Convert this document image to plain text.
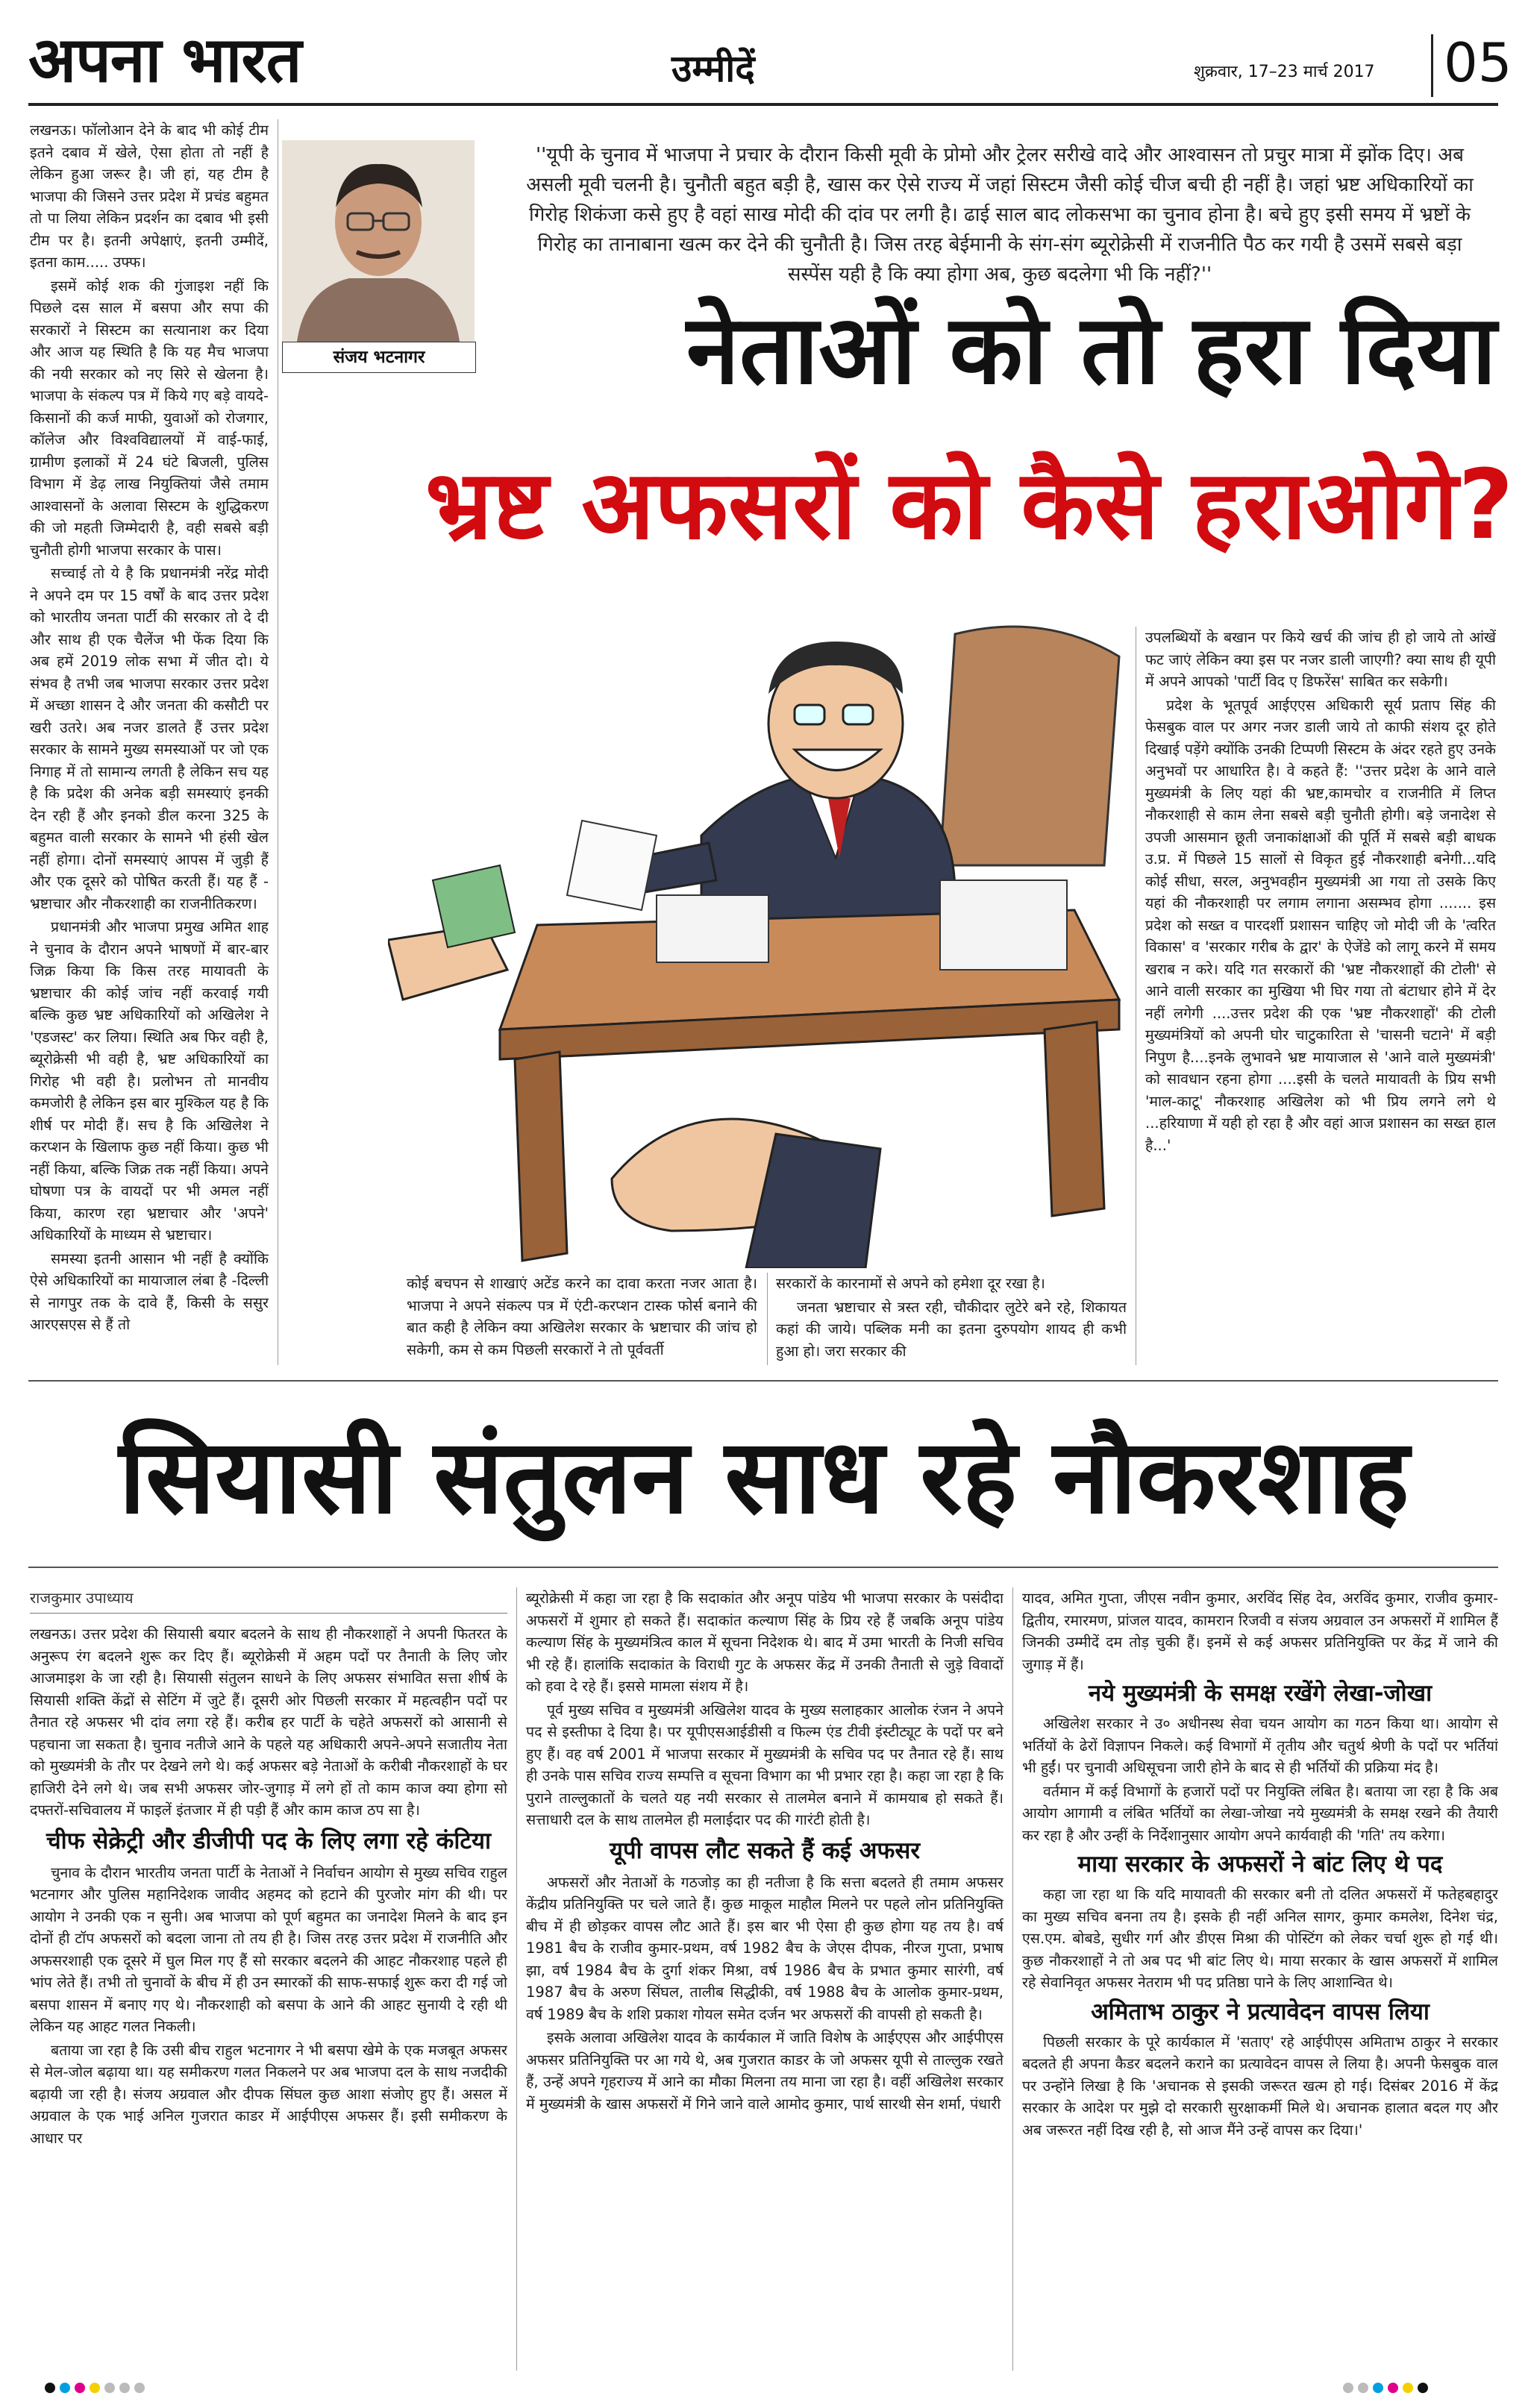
अपना भारत	उम्मीदें	शुक्रवार, 17–23 मार्च 2017 05
संजय भटनागर
''यूपी के चुनाव में भाजपा ने प्रचार के दौरान किसी मूवी के प्रोमो और ट्रेलर सरीखे वादे और आश्वासन तो प्रचुर मात्रा में झोंक दिए। अब असली मूवी चलनी है। चुनौती बहुत बड़ी है, खास कर ऐसे राज्य में जहां सिस्टम जैसी कोई चीज बची ही नहीं है। जहां भ्रष्ट अधिकारियों का गिरोह शिकंजा कसे हुए है वहां साख मोदी की दांव पर लगी है। ढाई साल बाद लोकसभा का चुनाव होना है। बचे हुए इसी समय में भ्रष्टों के गिरोह का तानाबाना खत्म कर देने की चुनौती है। जिस तरह बेईमानी के संग-संग ब्यूरोक्रेसी में राजनीति पैठ कर गयी है उसमें सबसे बड़ा सस्पेंस यही है कि क्या होगा अब, कुछ बदलेगा भी कि नहीं?''
नेताओं को तो हरा दिया
भ्रष्ट अफसरों को कैसे हराओगे?

लखनऊ। फॉलोआन देने के बाद भी कोई टीम इतने दबाव में खेले, ऐसा होता तो नहीं है लेकिन हुआ जरूर है। जी हां, यह टीम है भाजपा की जिसने उत्तर प्रदेश में प्रचंड बहुमत तो पा लिया लेकिन प्रदर्शन का दबाव भी इसी टीम पर है। इतनी अपेक्षाएं, इतनी उम्मीदें, इतना काम..... उफ्फ।

इसमें कोई शक की गुंजाइश नहीं कि पिछले दस साल में बसपा और सपा की सरकारों ने सिस्टम का सत्यानाश कर दिया और आज यह स्थिति है कि यह मैच भाजपा की नयी सरकार को नए सिरे से खेलना है। भाजपा के संकल्प पत्र में किये गए बड़े वायदे-किसानों की कर्ज माफी, युवाओं को रोजगार, कॉलेज और विश्वविद्यालयों में वाई-फाई, ग्रामीण इलाकों में 24 घंटे बिजली, पुलिस विभाग में डेढ़ लाख नियुक्तियां जैसे तमाम आश्वासनों के अलावा सिस्टम के शुद्धिकरण की जो महती जिम्मेदारी है, वही सबसे बड़ी चुनौती होगी भाजपा सरकार के पास।

सच्चाई तो ये है कि प्रधानमंत्री नरेंद्र मोदी ने अपने दम पर 15 वर्षों के बाद उत्तर प्रदेश को भारतीय जनता पार्टी की सरकार तो दे दी और साथ ही एक चैलेंज भी फेंक दिया कि अब हमें 2019 लोक सभा में जीत दो। ये संभव है तभी जब भाजपा सरकार उत्तर प्रदेश में अच्छा शासन दे और जनता की कसौटी पर खरी उतरे। अब नजर डालते हैं उत्तर प्रदेश सरकार के सामने मुख्य समस्याओं पर जो एक निगाह में तो सामान्य लगती है लेकिन सच यह है कि प्रदेश की अनेक बड़ी समस्याएं इनकी देन रही हैं और इनको डील करना 325 के बहुमत वाली सरकार के सामने भी हंसी खेल नहीं होगा। दोनों समस्याएं आपस में जुड़ी हैं और एक दूसरे को पोषित करती हैं। यह हैं - भ्रष्टाचार और नौकरशाही का राजनीतिकरण।

प्रधानमंत्री और भाजपा प्रमुख अमित शाह ने चुनाव के दौरान अपने भाषणों में बार-बार जिक्र किया कि किस तरह मायावती के भ्रष्टाचार की कोई जांच नहीं करवाई गयी बल्कि कुछ भ्रष्ट अधिकारियों को अखिलेश ने 'एडजस्ट' कर लिया। स्थिति अब फिर वही है, ब्यूरोक्रेसी भी वही है, भ्रष्ट अधिकारियों का गिरोह भी वही है। प्रलोभन तो मानवीय कमजोरी है लेकिन इस बार मुश्किल यह है कि शीर्ष पर मोदी हैं। सच है कि अखिलेश ने करप्शन के खिलाफ कुछ नहीं किया। कुछ भी नहीं किया, बल्कि जिक्र तक नहीं किया। अपने घोषणा पत्र के वायदों पर भी अमल नहीं किया, कारण रहा भ्रष्टाचार और 'अपने' अधिकारियों के माध्यम से भ्रष्टाचार।

समस्या इतनी आसान भी नहीं है क्योंकि ऐसे अधिकारियों का मायाजाल लंबा है -दिल्ली से नागपुर तक के दावे हैं, किसी के ससुर आरएसएस से हैं तो

कोई बचपन से शाखाएं अटेंड करने का दावा करता नजर आता है। भाजपा ने अपने संकल्प पत्र में एंटी-करप्शन टास्क फोर्स बनाने की बात कही है लेकिन क्या अखिलेश सरकार के भ्रष्टाचार की जांच हो सकेगी, कम से कम पिछली सरकारों ने तो पूर्ववर्ती

सरकारों के कारनामों से अपने को हमेशा दूर रखा है।

जनता भ्रष्टाचार से त्रस्त रही, चौकीदार लुटेरे बने रहे, शिकायत कहां की जाये। पब्लिक मनी का इतना दुरुपयोग शायद ही कभी हुआ हो। जरा सरकार की

उपलब्धियों के बखान पर किये खर्च की जांच ही हो जाये तो आंखें फट जाएं लेकिन क्या इस पर नजर डाली जाएगी? क्या साथ ही यूपी में अपने आपको 'पार्टी विद ए डिफरेंस' साबित कर सकेगी।

प्रदेश के भूतपूर्व आईएएस अधिकारी सूर्य प्रताप सिंह की फेसबुक वाल पर अगर नजर डाली जाये तो काफी संशय दूर होते दिखाई पड़ेंगे क्योंकि उनकी टिप्पणी सिस्टम के अंदर रहते हुए उनके अनुभवों पर आधारित है। वे कहते हैं: ''उत्तर प्रदेश के आने वाले मुख्यमंत्री के लिए यहां की भ्रष्ट,कामचोर व राजनीति में लिप्त नौकरशाही से काम लेना सबसे बड़ी चुनौती होगी। बड़े जनादेश से उपजी आसमान छूती जनाकांक्षाओं की पूर्ति में सबसे बड़ी बाधक उ.प्र. में पिछले 15 सालों से विकृत हुई नौकरशाही बनेगी...यदि कोई सीधा, सरल, अनुभवहीन मुख्यमंत्री आ गया तो उसके किए यहां की नौकरशाही पर लगाम लगाना असम्भव होगा ....... इस प्रदेश को सख्त व पारदर्शी प्रशासन चाहिए जो मोदी जी के 'त्वरित विकास' व 'सरकार गरीब के द्वार' के ऐजेंडे को लागू करने में समय खराब न करे। यदि गत सरकारों की 'भ्रष्ट नौकरशाहों की टोली' से आने वाली सरकार का मुखिया भी घिर गया तो बंटाधार होने में देर नहीं लगेगी ....उत्तर प्रदेश की एक 'भ्रष्ट नौकरशाहों' की टोली मुख्यमंत्रियों को अपनी घोर चाटुकारिता से 'चासनी चटाने' में बड़ी निपुण है....इनके लुभावने भ्रष्ट मायाजाल से 'आने वाले मुख्यमंत्री' को सावधान रहना होगा ....इसी के चलते मायावती के प्रिय सभी 'माल-काटू' नौकरशाह अखिलेश को भी प्रिय लगने लगे थे ...हरियाणा में यही हो रहा है और वहां आज प्रशासन का सख्त हाल है...'

सियासी संतुलन साध रहे नौकरशाह
राजकुमार उपाध्याय

लखनऊ। उत्तर प्रदेश की सियासी बयार बदलने के साथ ही नौकरशाहों ने अपनी फितरत के अनुरूप रंग बदलने शुरू कर दिए हैं। ब्यूरोक्रेसी में अहम पदों पर तैनाती के लिए जोर आजमाइश के जा रही है। सियासी संतुलन साधने के लिए अफसर संभावित सत्ता शीर्ष के सियासी शक्ति केंद्रों से सेटिंग में जुटे हैं। दूसरी ओर पिछली सरकार में महत्वहीन पदों पर तैनात रहे अफसर भी दांव लगा रहे हैं। करीब हर पार्टी के चहेते अफसरों को आसानी से पहचाना जा सकता है। चुनाव नतीजे आने के पहले यह अधिकारी अपने-अपने सजातीय नेता को मुख्यमंत्री के तौर पर देखने लगे थे। कई अफसर बड़े नेताओं के करीबी नौकरशाहों के घर हाजिरी देने लगे थे। जब सभी अफसर जोर-जुगाड़ में लगे हों तो काम काज क्या होगा सो दफ्तरों-सचिवालय में फाइलें इंतजार में ही पड़ी हैं और काम काज ठप सा है।

चीफ सेक्रेट्री और डीजीपी पद के लिए लगा रहे कंटिया

चुनाव के दौरान भारतीय जनता पार्टी के नेताओं ने निर्वाचन आयोग से मुख्य सचिव राहुल भटनागर और पुलिस महानिदेशक जावीद अहमद को हटाने की पुरजोर मांग की थी। पर आयोग ने उनकी एक न सुनी। अब भाजपा को पूर्ण बहुमत का जनादेश मिलने के बाद इन दोनों ही टॉप अफसरों को बदला जाना तो तय ही है। जिस तरह उत्तर प्रदेश में राजनीति और अफसरशाही एक दूसरे में घुल मिल गए हैं सो सरकार बदलने की आहट नौकरशाह पहले ही भांप लेते हैं। तभी तो चुनावों के बीच में ही उन स्मारकों की साफ-सफाई शुरू करा दी गई जो बसपा शासन में बनाए गए थे। नौकरशाही को बसपा के आने की आहट सुनायी दे रही थी लेकिन यह आहट गलत निकली।

बताया जा रहा है कि उसी बीच राहुल भटनागर ने भी बसपा खेमे के एक मजबूत अफसर से मेल-जोल बढ़ाया था। यह समीकरण गलत निकलने पर अब भाजपा दल के साथ नजदीकी बढ़ायी जा रही है। संजय अग्रवाल और दीपक सिंघल कुछ आशा संजोए हुए हैं। असल में अग्रवाल के एक भाई अनिल गुजरात काडर में आईपीएस अफसर हैं। इसी समीकरण के आधार पर

ब्यूरोक्रेसी में कहा जा रहा है कि सदाकांत और अनूप पांडेय भी भाजपा सरकार के पसंदीदा अफसरों में शुमार हो सकते हैं। सदाकांत कल्याण सिंह के प्रिय रहे हैं जबकि अनूप पांडेय कल्याण सिंह के मुख्यमंत्रित्व काल में सूचना निदेशक थे। बाद में उमा भारती के निजी सचिव भी रहे हैं। हालांकि सदाकांत के विराधी गुट के अफसर केंद्र में उनकी तैनाती से जुड़े विवादों को हवा दे रहे हैं। इससे मामला संशय में है।

पूर्व मुख्य सचिव व मुख्यमंत्री अखिलेश यादव के मुख्य सलाहकार आलोक रंजन ने अपने पद से इस्तीफा दे दिया है। पर यूपीएसआईडीसी व फिल्म एंड टीवी इंस्टीट्यूट के पदों पर बने हुए हैं। वह वर्ष 2001 में भाजपा सरकार में मुख्यमंत्री के सचिव पद पर तैनात रहे हैं। साथ ही उनके पास सचिव राज्य सम्पत्ति व सूचना विभाग का भी प्रभार रहा है। कहा जा रहा है कि पुराने ताल्लुकातों के चलते यह नयी सरकार से तालमेल बनाने में कामयाब हो सकते हैं। सत्ताधारी दल के साथ तालमेल ही मलाईदार पद की गारंटी होती है।

यूपी वापस लौट सकते हैं कई अफसर

अफसरों और नेताओं के गठजोड़ का ही नतीजा है कि सत्ता बदलते ही तमाम अफसर केंद्रीय प्रतिनियुक्ति पर चले जाते हैं। कुछ माकूल माहौल मिलने पर पहले लोन प्रतिनियुक्ति बीच में ही छोड़कर वापस लौट आते हैं। इस बार भी ऐसा ही कुछ होगा यह तय है। वर्ष 1981 बैच के राजीव कुमार-प्रथम, वर्ष 1982 बैच के जेएस दीपक, नीरज गुप्ता, प्रभाष झा, वर्ष 1984 बैच के दुर्गा शंकर मिश्रा, वर्ष 1986 बैच के प्रभात कुमार सारंगी, वर्ष 1987 बैच के अरुण सिंघल, तालीब सिद्धीकी, वर्ष 1988 बैच के आलोक कुमार-प्रथम, वर्ष 1989 बैच के शशि प्रकाश गोयल समेत दर्जन भर अफसरों की वापसी हो सकती है।

इसके अलावा अखिलेश यादव के कार्यकाल में जाति विशेष के आईएएस और आईपीएस अफसर प्रतिनियुक्ति पर आ गये थे, अब गुजरात काडर के जो अफसर यूपी से ताल्लुक रखते हैं, उन्हें अपने गृहराज्य में आने का मौका मिलना तय माना जा रहा है। वहीं अखिलेश सरकार में मुख्यमंत्री के खास अफसरों में गिने जाने वाले आमोद कुमार, पार्थ सारथी सेन शर्मा, पंधारी

यादव, अमित गुप्ता, जीएस नवीन कुमार, अरविंद सिंह देव, अरविंद कुमार, राजीव कुमार-द्वितीय, रमारमण, प्रांजल यादव, कामरान रिजवी व संजय अग्रवाल उन अफसरों में शामिल हैं जिनकी उम्मीदें दम तोड़ चुकी हैं। इनमें से कई अफसर प्रतिनियुक्ति पर केंद्र में जाने की जुगाड़ में हैं।

नये मुख्यमंत्री के समक्ष रखेंगे लेखा-जोखा

अखिलेश सरकार ने उ० अधीनस्थ सेवा चयन आयोग का गठन किया था। आयोग से भर्तियों के ढेरों विज्ञापन निकले। कई विभागों में तृतीय और चतुर्थ श्रेणी के पदों पर भर्तियां भी हुईं। पर चुनावी अधिसूचना जारी होने के बाद से ही भर्तियों की प्रक्रिया मंद है।

वर्तमान में कई विभागों के हजारों पदों पर नियुक्ति लंबित है। बताया जा रहा है कि अब आयोग आगामी व लंबित भर्तियों का लेखा-जोखा नये मुख्यमंत्री के समक्ष रखने की तैयारी कर रहा है और उन्हीं के निर्देशानुसार आयोग अपने कार्यवाही की 'गति' तय करेगा।

माया सरकार के अफसरों ने बांट लिए थे पद

कहा जा रहा था कि यदि मायावती की सरकार बनी तो दलित अफसरों में फतेहबहादुर का मुख्य सचिव बनना तय है। इसके ही नहीं अनिल सागर, कुमार कमलेश, दिनेश चंद्र, एस.एम. बोबडे, सुधीर गर्ग और डीएस मिश्रा की पोस्टिंग को लेकर चर्चा शुरू हो गई थी। कुछ नौकरशाहों ने तो अब पद भी बांट लिए थे। माया सरकार के खास अफसरों में शामिल रहे सेवानिवृत अफसर नेतराम भी पद प्रतिष्ठा पाने के लिए आशान्वित थे।

अमिताभ ठाकुर ने प्रत्यावेदन वापस लिया

पिछली सरकार के पूरे कार्यकाल में 'सताए' रहे आईपीएस अमिताभ ठाकुर ने सरकार बदलते ही अपना कैडर बदलने कराने का प्रत्यावेदन वापस ले लिया है। अपनी फेसबुक वाल पर उन्होंने लिखा है कि 'अचानक से इसकी जरूरत खत्म हो गई। दिसंबर 2016 में केंद्र सरकार के आदेश पर मुझे दो सरकारी सुरक्षाकर्मी मिले थे। अचानक हालात बदल गए और अब जरूरत नहीं दिख रही है, सो आज मैंने उन्हें वापस कर दिया।'
